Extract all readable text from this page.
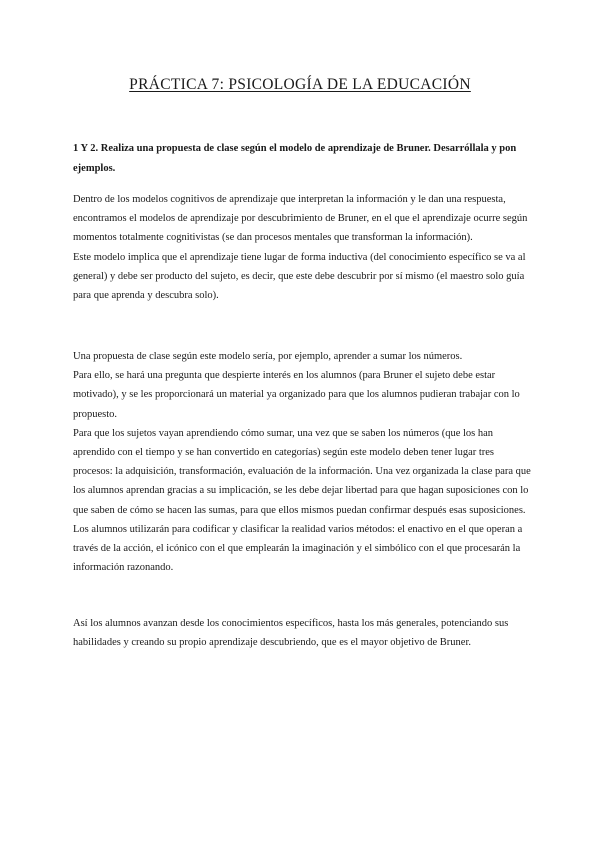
PRÁCTICA 7: PSICOLOGÍA DE LA EDUCACIÓN
1 Y 2. Realiza una propuesta de clase según el modelo de aprendizaje de Bruner. Desarróllala y pon ejemplos.

Dentro de los modelos cognitivos de aprendizaje que interpretan la información y le dan una respuesta, encontramos el modelos de aprendizaje por descubrimiento de Bruner, en el que el aprendizaje ocurre según momentos totalmente cognitivistas (se dan procesos mentales que transforman la información).

Este modelo implica que el aprendizaje tiene lugar de forma inductiva (del conocimiento específico se va al general) y debe ser producto del sujeto, es decir, que este debe descubrir por sí mismo (el maestro solo guía para que aprenda y descubra solo).

Una propuesta de clase según este modelo sería, por ejemplo, aprender a sumar los números.

Para ello, se hará una pregunta que despierte interés en los alumnos (para Bruner el sujeto debe estar motivado), y se les proporcionará un material ya organizado para que los alumnos pudieran trabajar con lo propuesto.

Para que los sujetos vayan aprendiendo cómo sumar, una vez que se saben los números (que los han aprendido con el tiempo y se han convertido en categorías) según este modelo deben tener lugar tres procesos: la adquisición, transformación, evaluación de la información. Una vez organizada la clase para que los alumnos aprendan gracias a su implicación, se les debe dejar libertad para que hagan suposiciones con lo que saben de cómo se hacen las sumas, para que ellos mismos puedan confirmar después esas suposiciones.

Los alumnos utilizarán para codificar y clasificar la realidad varios métodos: el enactivo en el que operan a través de la acción, el icónico con el que emplearán la imaginación y el simbólico con el que procesarán la información razonando.

Así los alumnos avanzan desde los conocimientos específicos, hasta los más generales, potenciando sus habilidades y creando su propio aprendizaje descubriendo, que es el mayor objetivo de Bruner.
